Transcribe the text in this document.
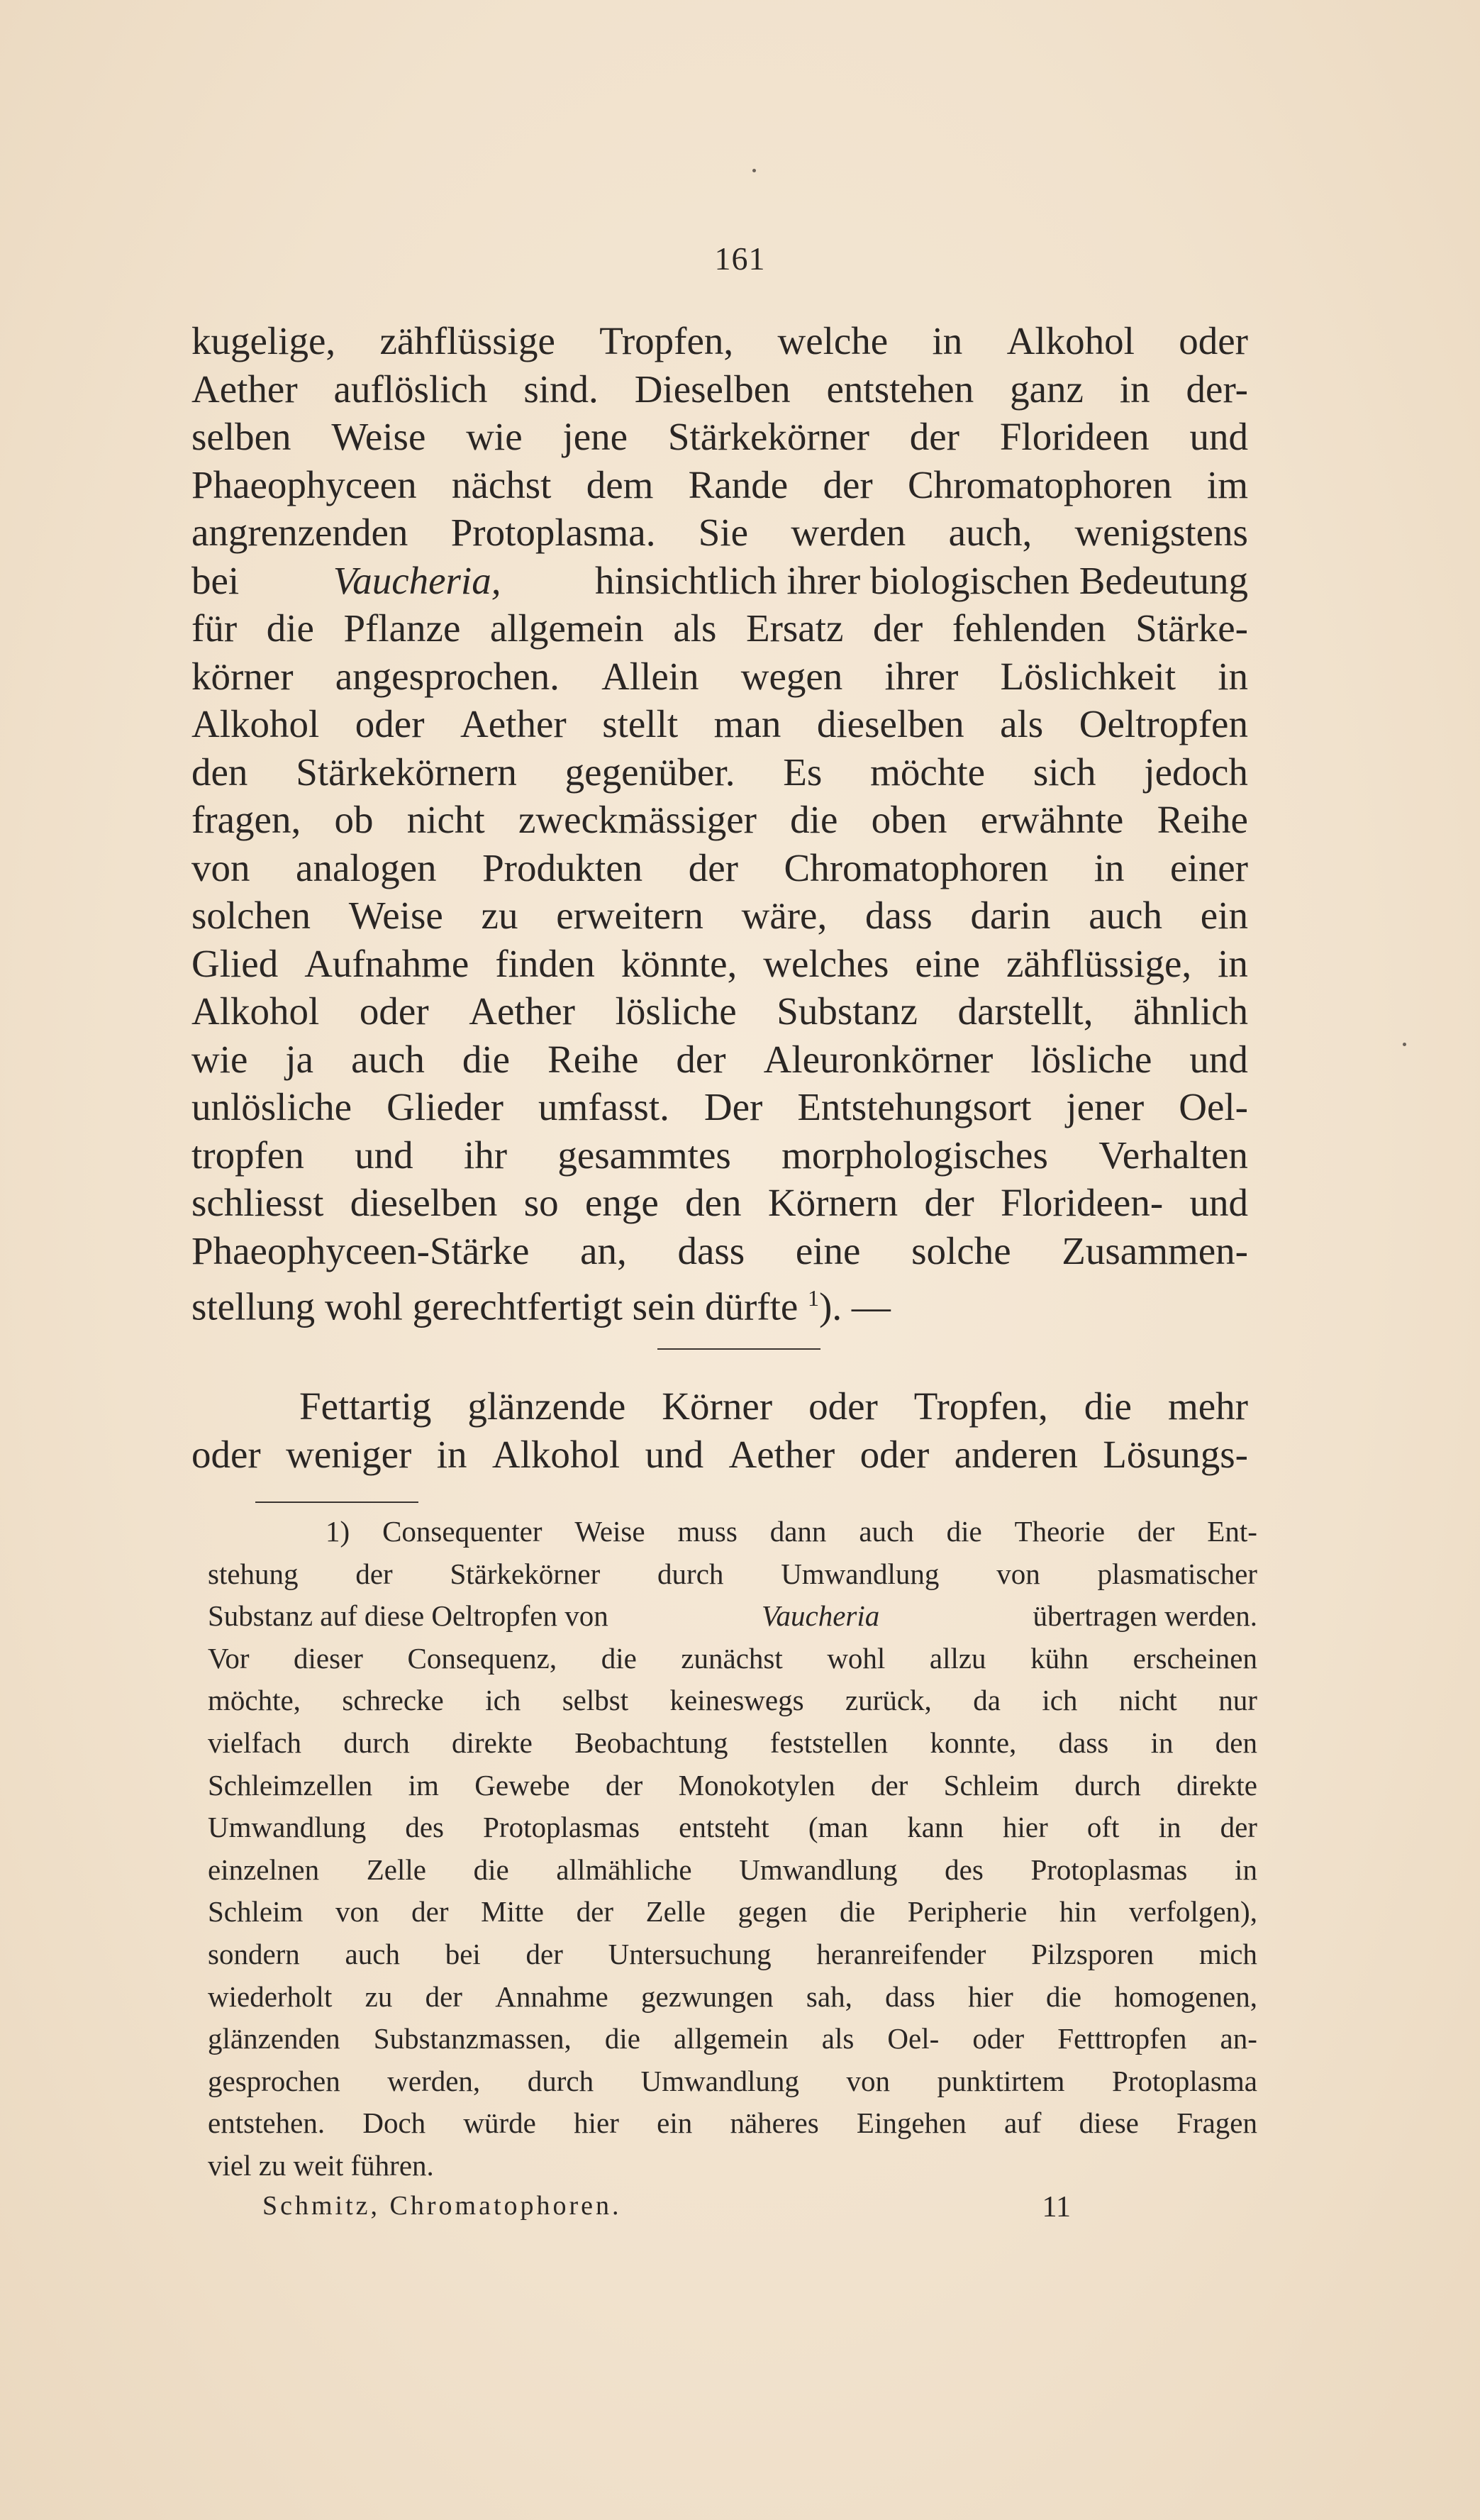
161
kugelige, zähflüssige Tropfen, welche in Alkohol oder
Aether auflöslich sind. Dieselben entstehen ganz in der-
selben Weise wie jene Stärkekörner der Florideen und
Phaeophyceen nächst dem Rande der Chromatophoren im
angrenzenden Protoplasma. Sie werden auch, wenigstens
bei Vaucheria, hinsichtlich ihrer biologischen Bedeutung
für die Pflanze allgemein als Ersatz der fehlenden Stärke-
körner angesprochen. Allein wegen ihrer Löslichkeit in
Alkohol oder Aether stellt man dieselben als Oeltropfen
den Stärkekörnern gegenüber. Es möchte sich jedoch
fragen, ob nicht zweckmässiger die oben erwähnte Reihe
von analogen Produkten der Chromatophoren in einer
solchen Weise zu erweitern wäre, dass darin auch ein
Glied Aufnahme finden könnte, welches eine zähflüssige, in
Alkohol oder Aether lösliche Substanz darstellt, ähnlich
wie ja auch die Reihe der Aleuronkörner lösliche und
unlösliche Glieder umfasst. Der Entstehungsort jener Oel-
tropfen und ihr gesammtes morphologisches Verhalten
schliesst dieselben so enge den Körnern der Florideen- und
Phaeophyceen-Stärke an, dass eine solche Zusammen-
stellung wohl gerechtfertigt sein dürfte $^1$). —
Fettartig glänzende Körner oder Tropfen, die mehr
oder weniger in Alkohol und Aether oder anderen Lösungs-
1) Consequenter Weise muss dann auch die Theorie der Ent-
stehung der Stärkekörner durch Umwandlung von plasmatischer
Substanz auf diese Oeltropfen von	Vaucheria	übertragen werden.
Vor dieser Consequenz, die zunächst wohl allzu kühn erscheinen
möchte, schrecke ich selbst keineswegs zurück, da ich nicht nur
vielfach durch direkte Beobachtung feststellen konnte, dass in den
Schleimzellen im Gewebe der Monokotylen der Schleim durch direkte
Umwandlung des Protoplasmas entsteht (man kann hier oft in der
einzelnen Zelle die allmähliche Umwandlung des Protoplasmas in
Schleim von der Mitte der Zelle gegen die Peripherie hin verfolgen),
sondern auch bei der Untersuchung heranreifender Pilzsporen mich
wiederholt zu der Annahme gezwungen sah, dass hier die homogenen,
glänzenden Substanzmassen, die allgemein als Oel- oder Fetttropfen an-
gesprochen werden, durch Umwandlung von punktirtem Protoplasma
entstehen. Doch würde hier ein näheres Eingehen auf diese Fragen
viel zu weit führen.
Schmitz, Chromatophoren.	11
